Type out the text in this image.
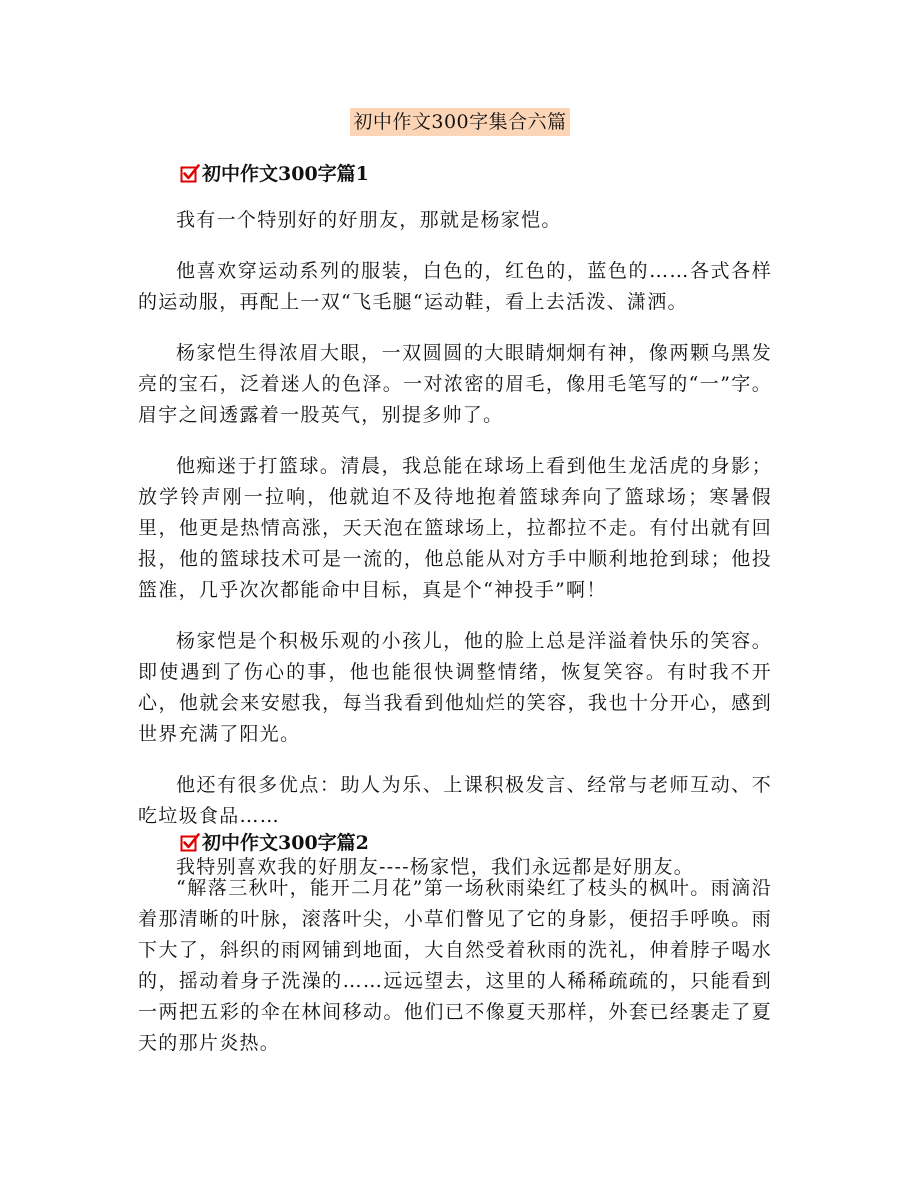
初中作文300字集合六篇
初中作文300字篇1

我有一个特别好的好朋友，那就是杨家恺。

他喜欢穿运动系列的服装，白色的，红色的，蓝色的……各式各样的运动服，再配上一双“飞毛腿“运动鞋，看上去活泼、潇洒。

杨家恺生得浓眉大眼，一双圆圆的大眼睛炯炯有神，像两颗乌黑发亮的宝石，泛着迷人的色泽。一对浓密的眉毛，像用毛笔写的“一”字。眉宇之间透露着一股英气，别提多帅了。

他痴迷于打篮球。清晨，我总能在球场上看到他生龙活虎的身影；放学铃声刚一拉响，他就迫不及待地抱着篮球奔向了篮球场；寒暑假里，他更是热情高涨，天天泡在篮球场上，拉都拉不走。有付出就有回报，他的篮球技术可是一流的，他总能从对方手中顺利地抢到球；他投篮准，几乎次次都能命中目标，真是个“神投手”啊！

杨家恺是个积极乐观的小孩儿，他的脸上总是洋溢着快乐的笑容。即使遇到了伤心的事，他也能很快调整情绪，恢复笑容。有时我不开心，他就会来安慰我，每当我看到他灿烂的笑容，我也十分开心，感到世界充满了阳光。

他还有很多优点：助人为乐、上课积极发言、经常与老师互动、不吃垃圾食品……

我特别喜欢我的好朋友----杨家恺，我们永远都是好朋友。

初中作文300字篇2

“解落三秋叶，能开二月花”第一场秋雨染红了枝头的枫叶。雨滴沿着那清晰的叶脉，滚落叶尖，小草们瞥见了它的身影，便招手呼唤。雨下大了，斜织的雨网铺到地面，大自然受着秋雨的洗礼，伸着脖子喝水的，摇动着身子洗澡的……远远望去，这里的人稀稀疏疏的，只能看到一两把五彩的伞在林间移动。他们已不像夏天那样，外套已经裹走了夏天的那片炎热。
